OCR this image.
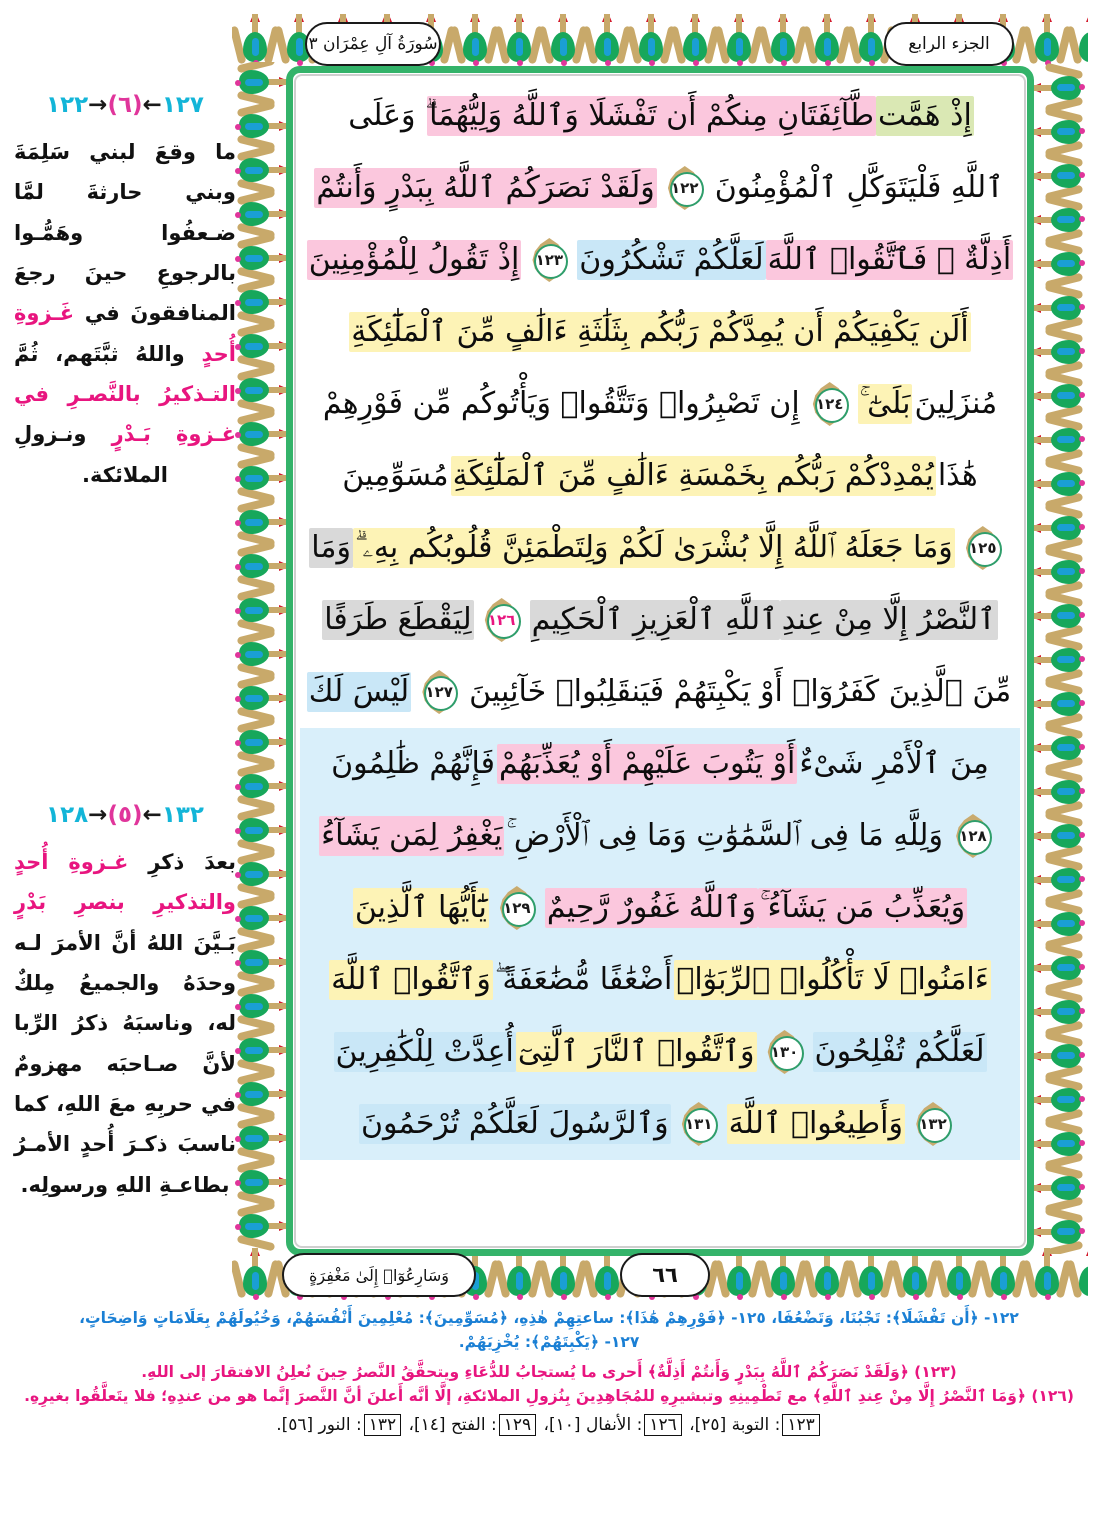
سُورَةُ آلِ عِمْرَان ٣	الجزء الرابع
١٢٧←(٦)→١٢٢
ما وقعَ لبني سَلِمَةَ وبني حارثةَ لمَّا ضـعفُوا وهَمُّـوا بالرجوعِ حينَ رجعَ المنافقونَ في غَـزوةِ أُحدٍ واللهُ ثبَّتَهم، ثُمَّ التـذكيرُ بالنَّصـرِ في غـزوةِ بَـدْرٍ ونـزولِ الملائكة.
١٣٢←(٥)→١٢٨
بعدَ ذكرِ غـزوةِ أُحدٍ والتذكيرِ بنصرِ بَدْرٍ بَـيَّنَ اللهُ أنَّ الأمرَ لـه وحدَهُ والجميعُ مِلكٌ له، وناسبَهُ ذكرُ الرِّبا لأنَّ صـاحبَه مهزومٌ في حربِهِ معَ اللهِ، كما ناسبَ ذكـرَ أُحدٍ الأمـرُ بطاعـةِ اللهِ ورسولِه.
إِذْ هَمَّت
طَّآئِفَتَانِ مِنكُمْ أَن تَفْشَلَا وَٱللَّهُ وَلِيُّهُمَا
ۗ وَعَلَى
ٱللَّهِ فَلْيَتَوَكَّلِ ٱلْمُؤْمِنُونَ
١٢٢
وَلَقَدْ نَصَرَكُمُ ٱللَّهُ بِبَدْرٍ وَأَنتُمْ
أَذِلَّةٌ ۖ فَٱتَّقُوا۟ ٱللَّهَ
لَعَلَّكُمْ تَشْكُرُونَ
١٢٣
إِذْ تَقُولُ لِلْمُؤْمِنِينَ
أَلَن يَكْفِيَكُمْ أَن يُمِدَّكُمْ رَبُّكُم بِثَلَٰثَةِ ءَالَٰفٍ مِّنَ ٱلْمَلَٰٓئِكَةِ
مُنزَلِينَ
بَلَىٰٓ ۚ
١٢٤
إِن تَصْبِرُوا۟ وَتَتَّقُوا۟ وَيَأْتُوكُم مِّن فَوْرِهِمْ
هَٰذَا
يُمْدِدْكُمْ رَبُّكُم بِخَمْسَةِ ءَالَٰفٍ مِّنَ ٱلْمَلَٰٓئِكَةِ
مُسَوِّمِينَ
١٢٥
وَمَا جَعَلَهُ ٱللَّهُ إِلَّا بُشْرَىٰ لَكُمْ وَلِتَطْمَئِنَّ قُلُوبُكُم بِهِۦ ۗ
وَمَا
ٱلنَّصْرُ إِلَّا مِنْ عِندِ
ٱللَّهِ ٱلْعَزِيزِ ٱلْحَكِيمِ
١٢٦
لِيَقْطَعَ طَرَفًا
مِّنَ ٱلَّذِينَ كَفَرُوٓا۟ أَوْ يَكْبِتَهُمْ فَيَنقَلِبُوا۟ خَآئِبِينَ
١٢٧
لَيْسَ لَكَ
مِنَ ٱلْأَمْرِ شَىْءٌ
أَوْ يَتُوبَ عَلَيْهِمْ أَوْ يُعَذِّبَهُمْ
فَإِنَّهُمْ ظَٰلِمُونَ
١٢٨
وَلِلَّهِ مَا فِى ٱلسَّمَٰوَٰتِ وَمَا فِى ٱلْأَرْضِ ۚ
يَغْفِرُ لِمَن يَشَآءُ
وَيُعَذِّبُ مَن يَشَآءُ ۚ
وَٱللَّهُ غَفُورٌ رَّحِيمٌ
١٢٩
يَٰٓأَيُّهَا ٱلَّذِينَ
ءَامَنُوا۟ لَا تَأْكُلُوا۟ ٱلرِّبَوٰٓا۟
أَضْعَٰفًا مُّضَٰعَفَةً ۖ
وَٱتَّقُوا۟ ٱللَّهَ
لَعَلَّكُمْ تُفْلِحُونَ
١٣٠
وَٱتَّقُوا۟ ٱلنَّارَ ٱلَّتِىٓ
أُعِدَّتْ لِلْكَٰفِرِينَ
١٣٢
وَأَطِيعُوا۟ ٱللَّهَ
١٣١
وَٱلرَّسُولَ لَعَلَّكُمْ تُرْحَمُونَ
وَسَارِعُوٓا۟ إِلَىٰ مَغْفِرَةٍ	٦٦
١٢٢- ﴿أَن تَفْشَلَا﴾: تَجْبُنَا، وَتَضْعُفَا، ١٢٥- ﴿فَوْرِهِمْ هَٰذَا﴾: ساعتِهِمْ هٰذِهِ، ﴿مُسَوِّمِينَ﴾: مُعْلِمِينَ أَنْفُسَهُمْ، وَخُيُولَهُمْ بِعَلَامَاتٍ وَاضِحَاتٍ،
١٢٧- ﴿يَكْبِتَهُمْ﴾: يُخْزِيَهُمْ.
(١٢٣) ﴿وَلَقَدْ نَصَرَكُمُ ٱللَّهُ بِبَدْرٍ وَأَنتُمْ أَذِلَّةٌ﴾ أَحرى ما يُستجابُ للدُّعَاءِ ويتحقَّقُ النَّصرُ حِينَ نُعلِنُ الافتقارَ إلى اللهِ.
(١٢٦) ﴿وَمَا ٱلنَّصْرُ إِلَّا مِنْ عِندِ ٱللَّهِ﴾ مع تَطْمِينِهِ وتبشيرِهِ للمُجَاهِدِينَ بِنُزولِ الملائكةِ، إلَّا أنَّه أَعلنَ أنَّ النَّصرَ إنَّما هو من عندِهِ؛ فلا يتَعلَّقُوا بغيرِهِ.
١٢٣: التوبة [٢٥]، ١٢٦: الأنفال [١٠]، ١٢٩: الفتح [١٤]، ١٣٢: النور [٥٦].
